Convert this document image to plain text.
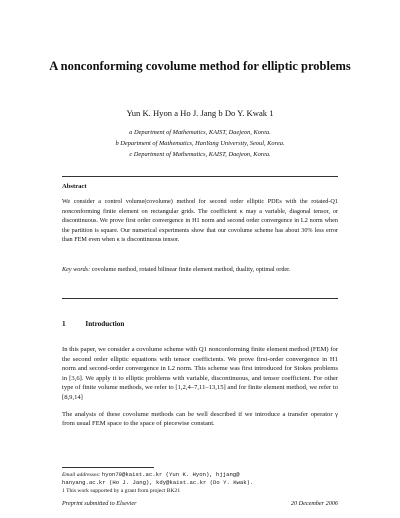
A nonconforming covolume method for elliptic problems
Yun K. Hyon a Ho J. Jang b Do Y. Kwak 1
a Department of Mathematics, KAIST, Daejeon, Korea.
b Department of Mathematics, HanYang University, Seoul, Korea.
c Department of Mathematics, KAIST, Daejeon, Korea.
Abstract
We consider a control volume(covolume) method for second order elliptic PDEs with the rotated-Q1 nonconforming finite element on rectangular grids. The coefficient κ may a variable, diagonal tensor, or discontinuous. We prove first order convergence in H1 norm and second order convergence in L2 norm when the partition is square. Our numerical experiments show that our covolume scheme has about 30% less error than FEM even when κ is discontinuous tensor.
Key words: covolume method, rotated bilinear finite element method, duality, optimal order.
1	Introduction

In this paper, we consider a covolume scheme with Q1 nonconforming finite element method (FEM) for the second order elliptic equations with tensor coefficients. We prove first-order convergence in H1 norm and second-order convergence in L2 norm. This scheme was first introduced for Stokes problems in [3,6]. We apply it to elliptic problems with variable, discontinuous, and tensor coefficient. For other type of finite volume methods, we refer to [1,2,4–7,11–13,15] and for finite element method, we refer to [8,9,14]

The analysis of these covolume methods can be well described if we introduce a transfer operator γ from usual FEM space to the space of piecewise constant.

Email addresses: hyon70@kaist.ac.kr (Yun K. Hyon), hjjang@
hanyang.ac.kr (Ho J. Jang), kdy@kaist.ac.kr (Do Y. Kwak).
1 This work supported by a grant from project BK21
Preprint submitted to Elsevier	20 December 2006
